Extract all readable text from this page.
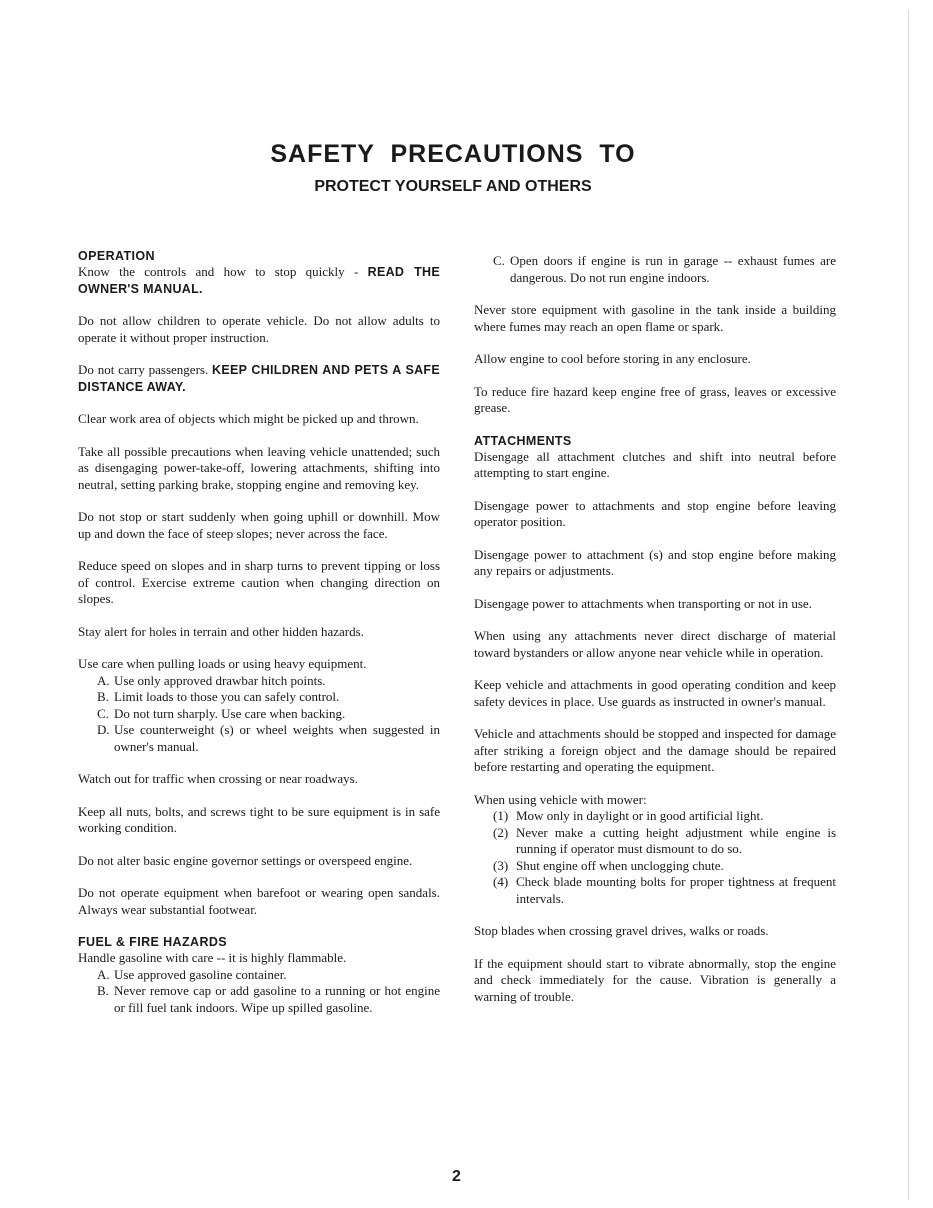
SAFETY PRECAUTIONS TO
PROTECT YOURSELF AND OTHERS
OPERATION

Know the controls and how to stop quickly - READ THE OWNER'S MANUAL.

Do not allow children to operate vehicle. Do not allow adults to operate it without proper instruction.

Do not carry passengers. KEEP CHILDREN AND PETS A SAFE DISTANCE AWAY.

Clear work area of objects which might be picked up and thrown.

Take all possible precautions when leaving vehicle unattended; such as disengaging power-take-off, lowering attachments, shifting into neutral, setting parking brake, stopping engine and removing key.

Do not stop or start suddenly when going uphill or downhill. Mow up and down the face of steep slopes; never across the face.

Reduce speed on slopes and in sharp turns to prevent tipping or loss of control. Exercise extreme caution when changing direction on slopes.

Stay alert for holes in terrain and other hidden hazards.

Use care when pulling loads or using heavy equipment.

A. Use only approved drawbar hitch points.
B. Limit loads to those you can safely control.
C. Do not turn sharply. Use care when backing.
D. Use counterweight (s) or wheel weights when suggested in owner's manual.

Watch out for traffic when crossing or near roadways.

Keep all nuts, bolts, and screws tight to be sure equipment is in safe working condition.

Do not alter basic engine governor settings or overspeed engine.

Do not operate equipment when barefoot or wearing open sandals. Always wear substantial footwear.

FUEL & FIRE HAZARDS

Handle gasoline with care -- it is highly flammable.

A. Use approved gasoline container.
B. Never remove cap or add gasoline to a running or hot engine or fill fuel tank indoors. Wipe up spilled gasoline.
C. Open doors if engine is run in garage -- exhaust fumes are dangerous. Do not run engine indoors.

Never store equipment with gasoline in the tank inside a building where fumes may reach an open flame or spark.

Allow engine to cool before storing in any enclosure.

To reduce fire hazard keep engine free of grass, leaves or excessive grease.

ATTACHMENTS

Disengage all attachment clutches and shift into neutral before attempting to start engine.

Disengage power to attachments and stop engine before leaving operator position.

Disengage power to attachment (s) and stop engine before making any repairs or adjustments.

Disengage power to attachments when transporting or not in use.

When using any attachments never direct discharge of material toward bystanders or allow anyone near vehicle while in operation.

Keep vehicle and attachments in good operating condition and keep safety devices in place. Use guards as instructed in owner's manual.

Vehicle and attachments should be stopped and inspected for damage after striking a foreign object and the damage should be repaired before restarting and operating the equipment.

When using vehicle with mower:

(1) Mow only in daylight or in good artificial light.
(2) Never make a cutting height adjustment while engine is running if operator must dismount to do so.
(3) Shut engine off when unclogging chute.
(4) Check blade mounting bolts for proper tightness at frequent intervals.

Stop blades when crossing gravel drives, walks or roads.

If the equipment should start to vibrate abnormally, stop the engine and check immediately for the cause. Vibration is generally a warning of trouble.

2
